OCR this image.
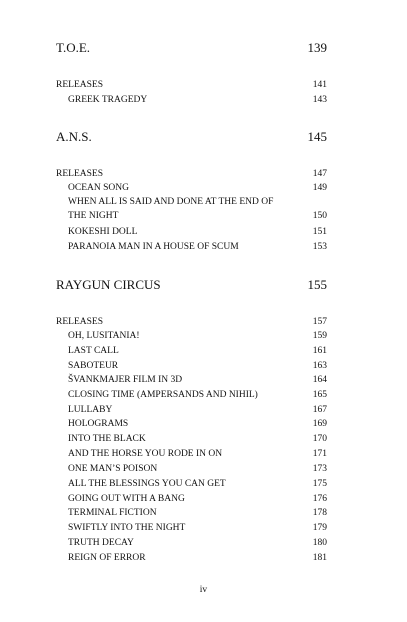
T.O.E.	139
RELEASES	141
GREEK TRAGEDY	143
A.N.S.	145
RELEASES	147
OCEAN SONG	149
WHEN ALL IS SAID AND DONE AT THE END OF
THE NIGHT	150
KOKESHI DOLL	151
PARANOIA MAN IN A HOUSE OF SCUM	153
RAYGUN CIRCUS	155
RELEASES	157
OH, LUSITANIA!	159
LAST CALL	161
SABOTEUR	163
ŠVANKMAJER FILM IN 3D	164
CLOSING TIME (AMPERSANDS AND NIHIL)	165
LULLABY	167
HOLOGRAMS	169
INTO THE BLACK	170
AND THE HORSE YOU RODE IN ON	171
ONE MAN’S POISON	173
ALL THE BLESSINGS YOU CAN GET	175
GOING OUT WITH A BANG	176
TERMINAL FICTION	178
SWIFTLY INTO THE NIGHT	179
TRUTH DECAY	180
REIGN OF ERROR	181
iv
